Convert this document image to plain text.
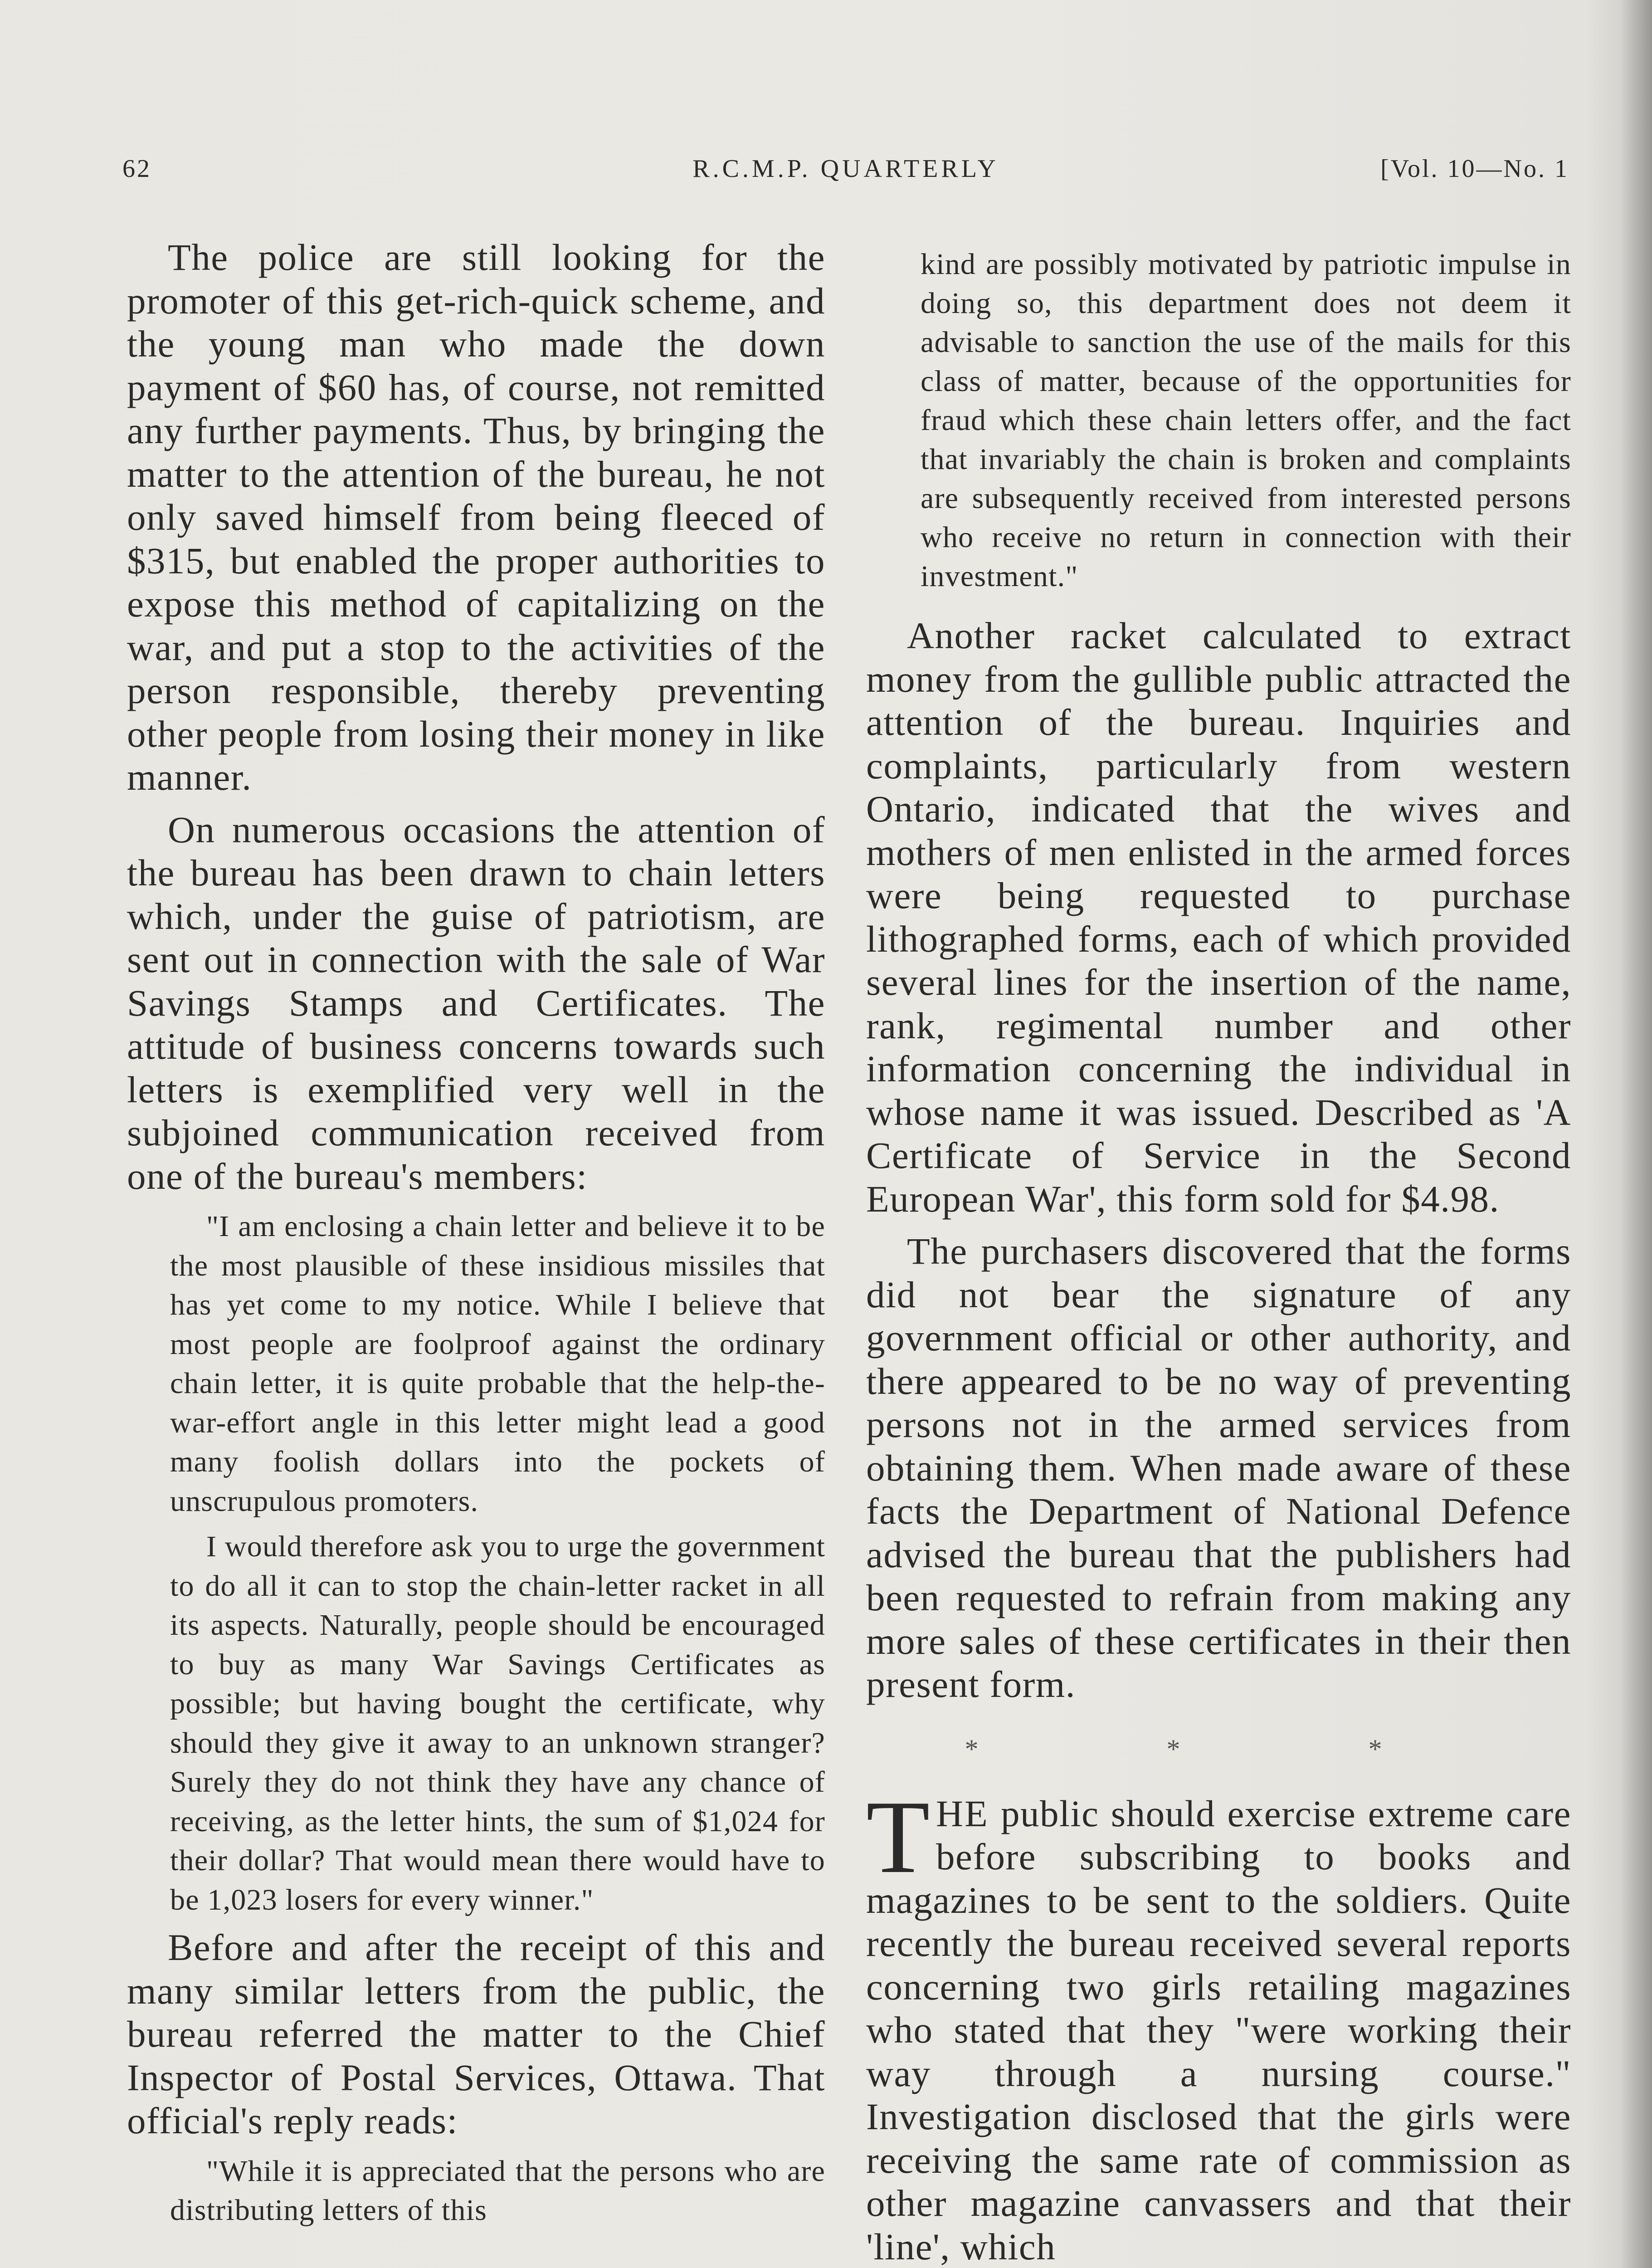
62	R.C.M.P. QUARTERLY	[Vol. 10—No. 1

The police are still looking for the promoter of this get-rich-quick scheme, and the young man who made the down payment of $60 has, of course, not remitted any further payments. Thus, by bringing the matter to the attention of the bureau, he not only saved himself from being fleeced of $315, but enabled the proper authorities to expose this method of capitalizing on the war, and put a stop to the activities of the person responsible, thereby preventing other people from losing their money in like manner.

On numerous occasions the attention of the bureau has been drawn to chain letters which, under the guise of patriotism, are sent out in connection with the sale of War Savings Stamps and Certificates. The attitude of business concerns towards such letters is exemplified very well in the subjoined communication received from one of the bureau's members:

"I am enclosing a chain letter and believe it to be the most plausible of these insidious missiles that has yet come to my notice. While I believe that most people are foolproof against the ordinary chain letter, it is quite probable that the help-the-war-effort angle in this letter might lead a good many foolish dollars into the pockets of unscrupulous promoters.

I would therefore ask you to urge the government to do all it can to stop the chain-letter racket in all its aspects. Naturally, people should be encouraged to buy as many War Savings Certificates as possible; but having bought the certificate, why should they give it away to an unknown stranger? Surely they do not think they have any chance of receiving, as the letter hints, the sum of $1,024 for their dollar? That would mean there would have to be 1,023 losers for every winner."

Before and after the receipt of this and many similar letters from the public, the bureau referred the matter to the Chief Inspector of Postal Services, Ottawa. That official's reply reads:

"While it is appreciated that the persons who are distributing letters of this

kind are possibly motivated by patriotic impulse in doing so, this department does not deem it advisable to sanction the use of the mails for this class of matter, because of the opportunities for fraud which these chain letters offer, and the fact that invariably the chain is broken and complaints are subsequently received from interested persons who receive no return in connection with their investment."

Another racket calculated to extract money from the gullible public attracted the attention of the bureau. Inquiries and complaints, particularly from western Ontario, indicated that the wives and mothers of men enlisted in the armed forces were being requested to purchase lithographed forms, each of which provided several lines for the insertion of the name, rank, regimental number and other information concerning the individual in whose name it was issued. Described as 'A Certificate of Service in the Second European War', this form sold for $4.98.

The purchasers discovered that the forms did not bear the signature of any government official or other authority, and there appeared to be no way of preventing persons not in the armed services from obtaining them. When made aware of these facts the Department of National Defence advised the bureau that the publishers had been requested to refrain from making any more sales of these certificates in their then present form.

* * *

THE public should exercise extreme care before subscribing to books and magazines to be sent to the soldiers. Quite recently the bureau received several reports concerning two girls retailing magazines who stated that they "were working their way through a nursing course." Investigation disclosed that the girls were receiving the same rate of commission as other magazine canvassers and that their 'line', which
